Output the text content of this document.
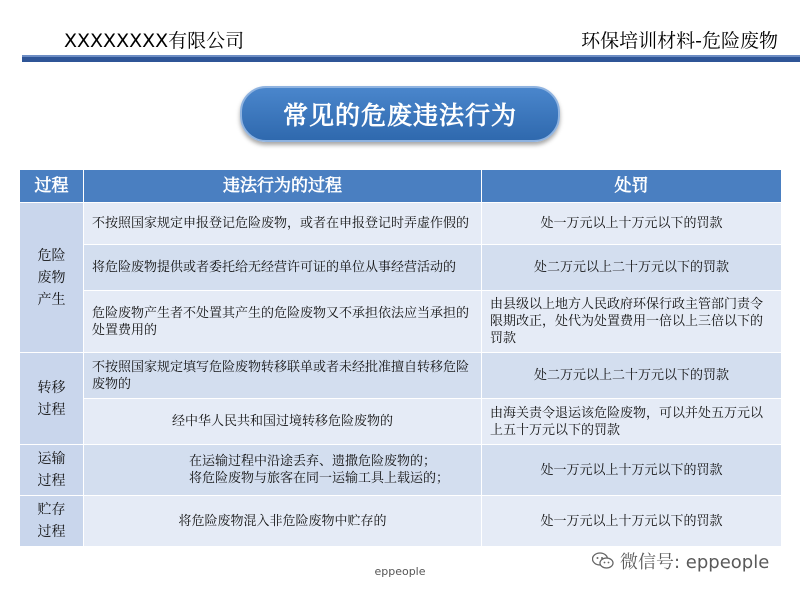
XXXXXXXX有限公司	环保培训材料-危险废物
常见的危废违法行为
过程	违法行为的过程	处罚

危险
废物
产生	不按照国家规定申报登记危险废物，或者在申报登记时弄虚作假的	处一万元以上十万元以下的罚款
	将危险废物提供或者委托给无经营许可证的单位从事经营活动的	处二万元以上二十万元以下的罚款
	危险废物产生者不处置其产生的危险废物又不承担依法应当承担的处置费用的	由县级以上地方人民政府环保行政主管部门责令限期改正，处代为处置费用一倍以上三倍以下的罚款

转移
过程	不按照国家规定填写危险废物转移联单或者未经批准擅自转移危险废物的	处二万元以上二十万元以下的罚款
	经中华人民共和国过境转移危险废物的	由海关责令退运该危险废物，可以并处五万元以上五十万元以下的罚款

运输
过程	在运输过程中沿途丢弃、遗撒危险废物的；
将危险废物与旅客在同一运输工具上载运的；	处一万元以上十万元以下的罚款

贮存
过程	将危险废物混入非危险废物中贮存的	处一万元以上十万元以下的罚款
微信号: eppeople
eppeople
